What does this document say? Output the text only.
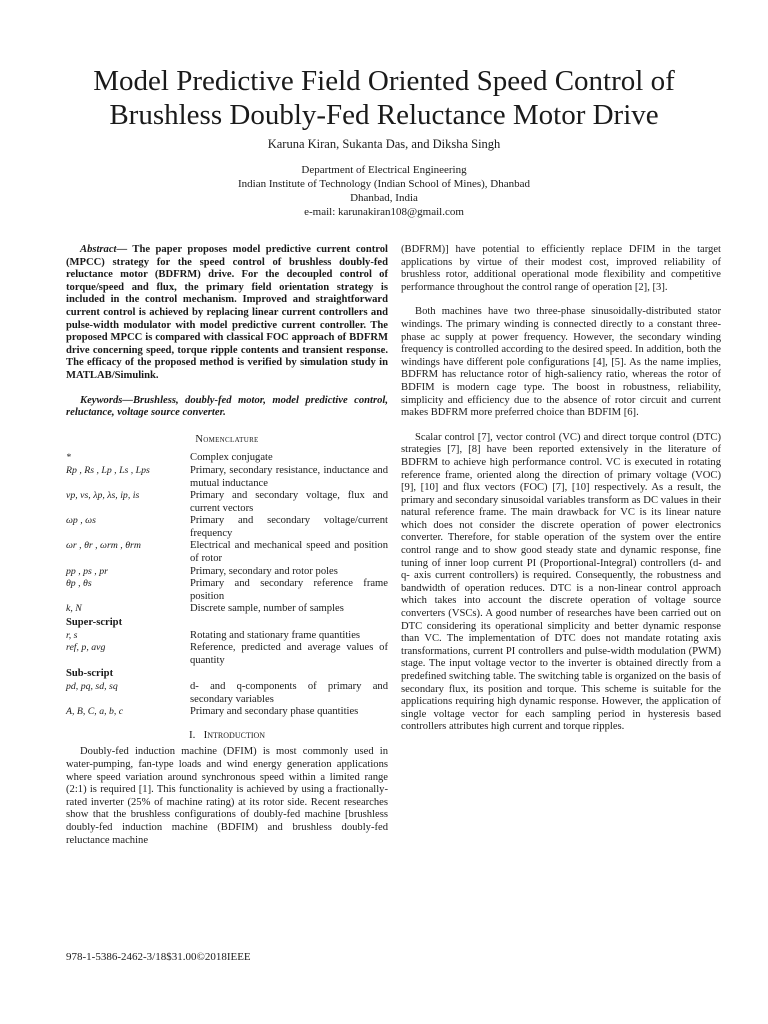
Model Predictive Field Oriented Speed Control of
Brushless Doubly-Fed Reluctance Motor Drive
Karuna Kiran, Sukanta Das, and Diksha Singh
Department of Electrical Engineering
Indian Institute of Technology (Indian School of Mines), Dhanbad
Dhanbad, India
e-mail: karunakiran108@gmail.com

Abstract— The paper proposes model predictive current control (MPCC) strategy for the speed control of brushless doubly-fed reluctance motor (BDFRM) drive. For the decoupled control of torque/speed and flux, the primary field orientation strategy is included in the control mechanism. Improved and straightforward current control is achieved by replacing linear current controllers and pulse-width modulator with model predictive current controller. The proposed MPCC is compared with classical FOC approach of BDFRM drive concerning speed, torque ripple contents and transient response. The efficacy of the proposed method is verified by simulation study in MATLAB/Simulink.

Keywords—Brushless, doubly-fed motor, model predictive control, reluctance, voltage source converter.

Nomenclature
*	Complex conjugate
Rp , Rs , Lp , Ls , Lps	Primary, secondary resistance, inductance and mutual inductance
vp, vs, λp, λs, ip, is	Primary and secondary voltage, flux and current vectors
ωp , ωs	Primary and secondary voltage/current frequency
ωr , θr , ωrm , θrm	Electrical and mechanical speed and position of rotor
pp , ps , pr	Primary, secondary and rotor poles
θp , θs	Primary and secondary reference frame position
k, N	Discrete sample, number of samples
Super-script
r, s	Rotating and stationary frame quantities
ref, p, avg	Reference, predicted and average values of quantity
Sub-script
pd, pq, sd, sq	d- and q-components of primary and secondary variables
A, B, C, a, b, c	Primary and secondary phase quantities
I. Introduction

Doubly-fed induction machine (DFIM) is most commonly used in water-pumping, fan-type loads and wind energy generation applications where speed variation around synchronous speed within a limited range (2:1) is required [1]. This functionality is achieved by using a fractionally-rated inverter (25% of machine rating) at its rotor side. Recent researches show that the brushless configurations of doubly-fed machine [brushless doubly-fed induction machine (BDFIM) and brushless doubly-fed reluctance machine

(BDFRM)] have potential to efficiently replace DFIM in the target applications by virtue of their modest cost, improved reliability of brushless rotor, additional operational mode flexibility and competitive performance throughout the control range of operation [2], [3].

Both machines have two three-phase sinusoidally-distributed stator windings. The primary winding is connected directly to a constant three-phase ac supply at power frequency. However, the secondary winding frequency is controlled according to the desired speed. In addition, both the windings have different pole configurations [4], [5]. As the name implies, BDFRM has reluctance rotor of high-saliency ratio, whereas the rotor of BDFIM is modern cage type. The boost in robustness, reliability, simplicity and efficiency due to the absence of rotor circuit and current makes BDFRM more preferred choice than BDFIM [6].

Scalar control [7], vector control (VC) and direct torque control (DTC) strategies [7], [8] have been reported extensively in the literature of BDFRM to achieve high performance control. VC is executed in rotating reference frame, oriented along the direction of primary voltage (VOC) [9], [10] and flux vectors (FOC) [7], [10] respectively. As a result, the primary and secondary sinusoidal variables transform as DC values in their natural reference frame. The main drawback for VC is its linear nature which does not consider the discrete operation of power electronics converter. Therefore, for stable operation of the system over the entire control range and to show good steady state and dynamic response, fine tuning of inner loop current PI (Proportional-Integral) controllers (d- and q- axis current controllers) is required. Consequently, the robustness and bandwidth of operation reduces. DTC is a non-linear control approach which takes into account the discrete operation of voltage source converters (VSCs). A good number of researches have been carried out on DTC considering its operational simplicity and better dynamic response than VC. The implementation of DTC does not mandate rotating axis transformations, current PI controllers and pulse-width modulation (PWM) stage. The input voltage vector to the inverter is obtained directly from a predefined switching table. The switching table is organized on the basis of secondary flux, its position and torque. This scheme is suitable for the applications requiring high dynamic response. However, the application of single voltage vector for each sampling period in hysteresis based controllers attributes high current and torque ripples.

978-1-5386-2462-3/18$31.00©2018IEEE
